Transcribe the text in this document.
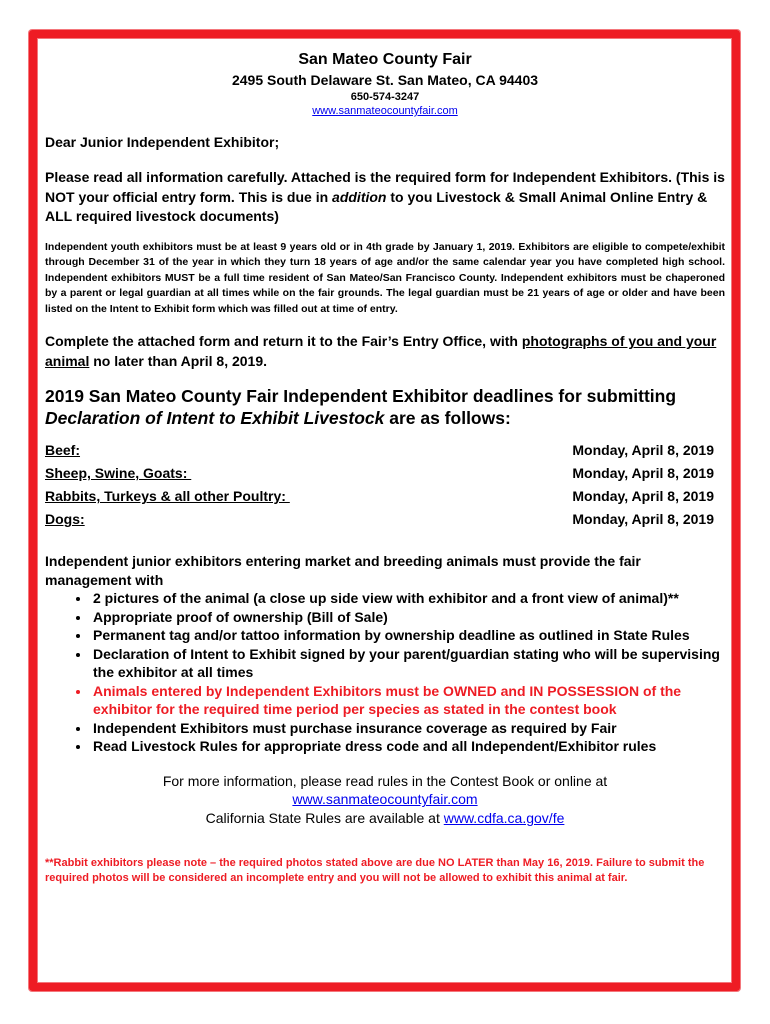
San Mateo County Fair
2495 South Delaware St. San Mateo, CA 94403
650-574-3247
www.sanmateocountyfair.com
Dear Junior Independent Exhibitor;
Please read all information carefully. Attached is the required form for Independent Exhibitors. (This is NOT your official entry form. This is due in addition to you Livestock & Small Animal Online Entry & ALL required livestock documents)
Independent youth exhibitors must be at least 9 years old or in 4th grade by January 1, 2019. Exhibitors are eligible to compete/exhibit through December 31 of the year in which they turn 18 years of age and/or the same calendar year you have completed high school. Independent exhibitors MUST be a full time resident of San Mateo/San Francisco County. Independent exhibitors must be chaperoned by a parent or legal guardian at all times while on the fair grounds. The legal guardian must be 21 years of age or older and have been listed on the Intent to Exhibit form which was filled out at time of entry.
Complete the attached form and return it to the Fair’s Entry Office, with photographs of you and your animal no later than April 8, 2019.
2019 San Mateo County Fair Independent Exhibitor deadlines for submitting Declaration of Intent to Exhibit Livestock are as follows:
Beef:	Monday, April 8, 2019
Sheep, Swine, Goats:	Monday, April 8, 2019
Rabbits, Turkeys & all other Poultry:	Monday, April 8, 2019
Dogs:	Monday, April 8, 2019
Independent junior exhibitors entering market and breeding animals must provide the fair management with
• 2 pictures of the animal (a close up side view with exhibitor and a front view of animal)**
• Appropriate proof of ownership (Bill of Sale)
• Permanent tag and/or tattoo information by ownership deadline as outlined in State Rules
• Declaration of Intent to Exhibit signed by your parent/guardian stating who will be supervising the exhibitor at all times
• Animals entered by Independent Exhibitors must be OWNED and IN POSSESSION of the exhibitor for the required time period per species as stated in the contest book
• Independent Exhibitors must purchase insurance coverage as required by Fair
• Read Livestock Rules for appropriate dress code and all Independent/Exhibitor rules
For more information, please read rules in the Contest Book or online at
www.sanmateocountyfair.com
California State Rules are available at www.cdfa.ca.gov/fe
**Rabbit exhibitors please note – the required photos stated above are due NO LATER than May 16, 2019. Failure to submit the required photos will be considered an incomplete entry and you will not be allowed to exhibit this animal at fair.
